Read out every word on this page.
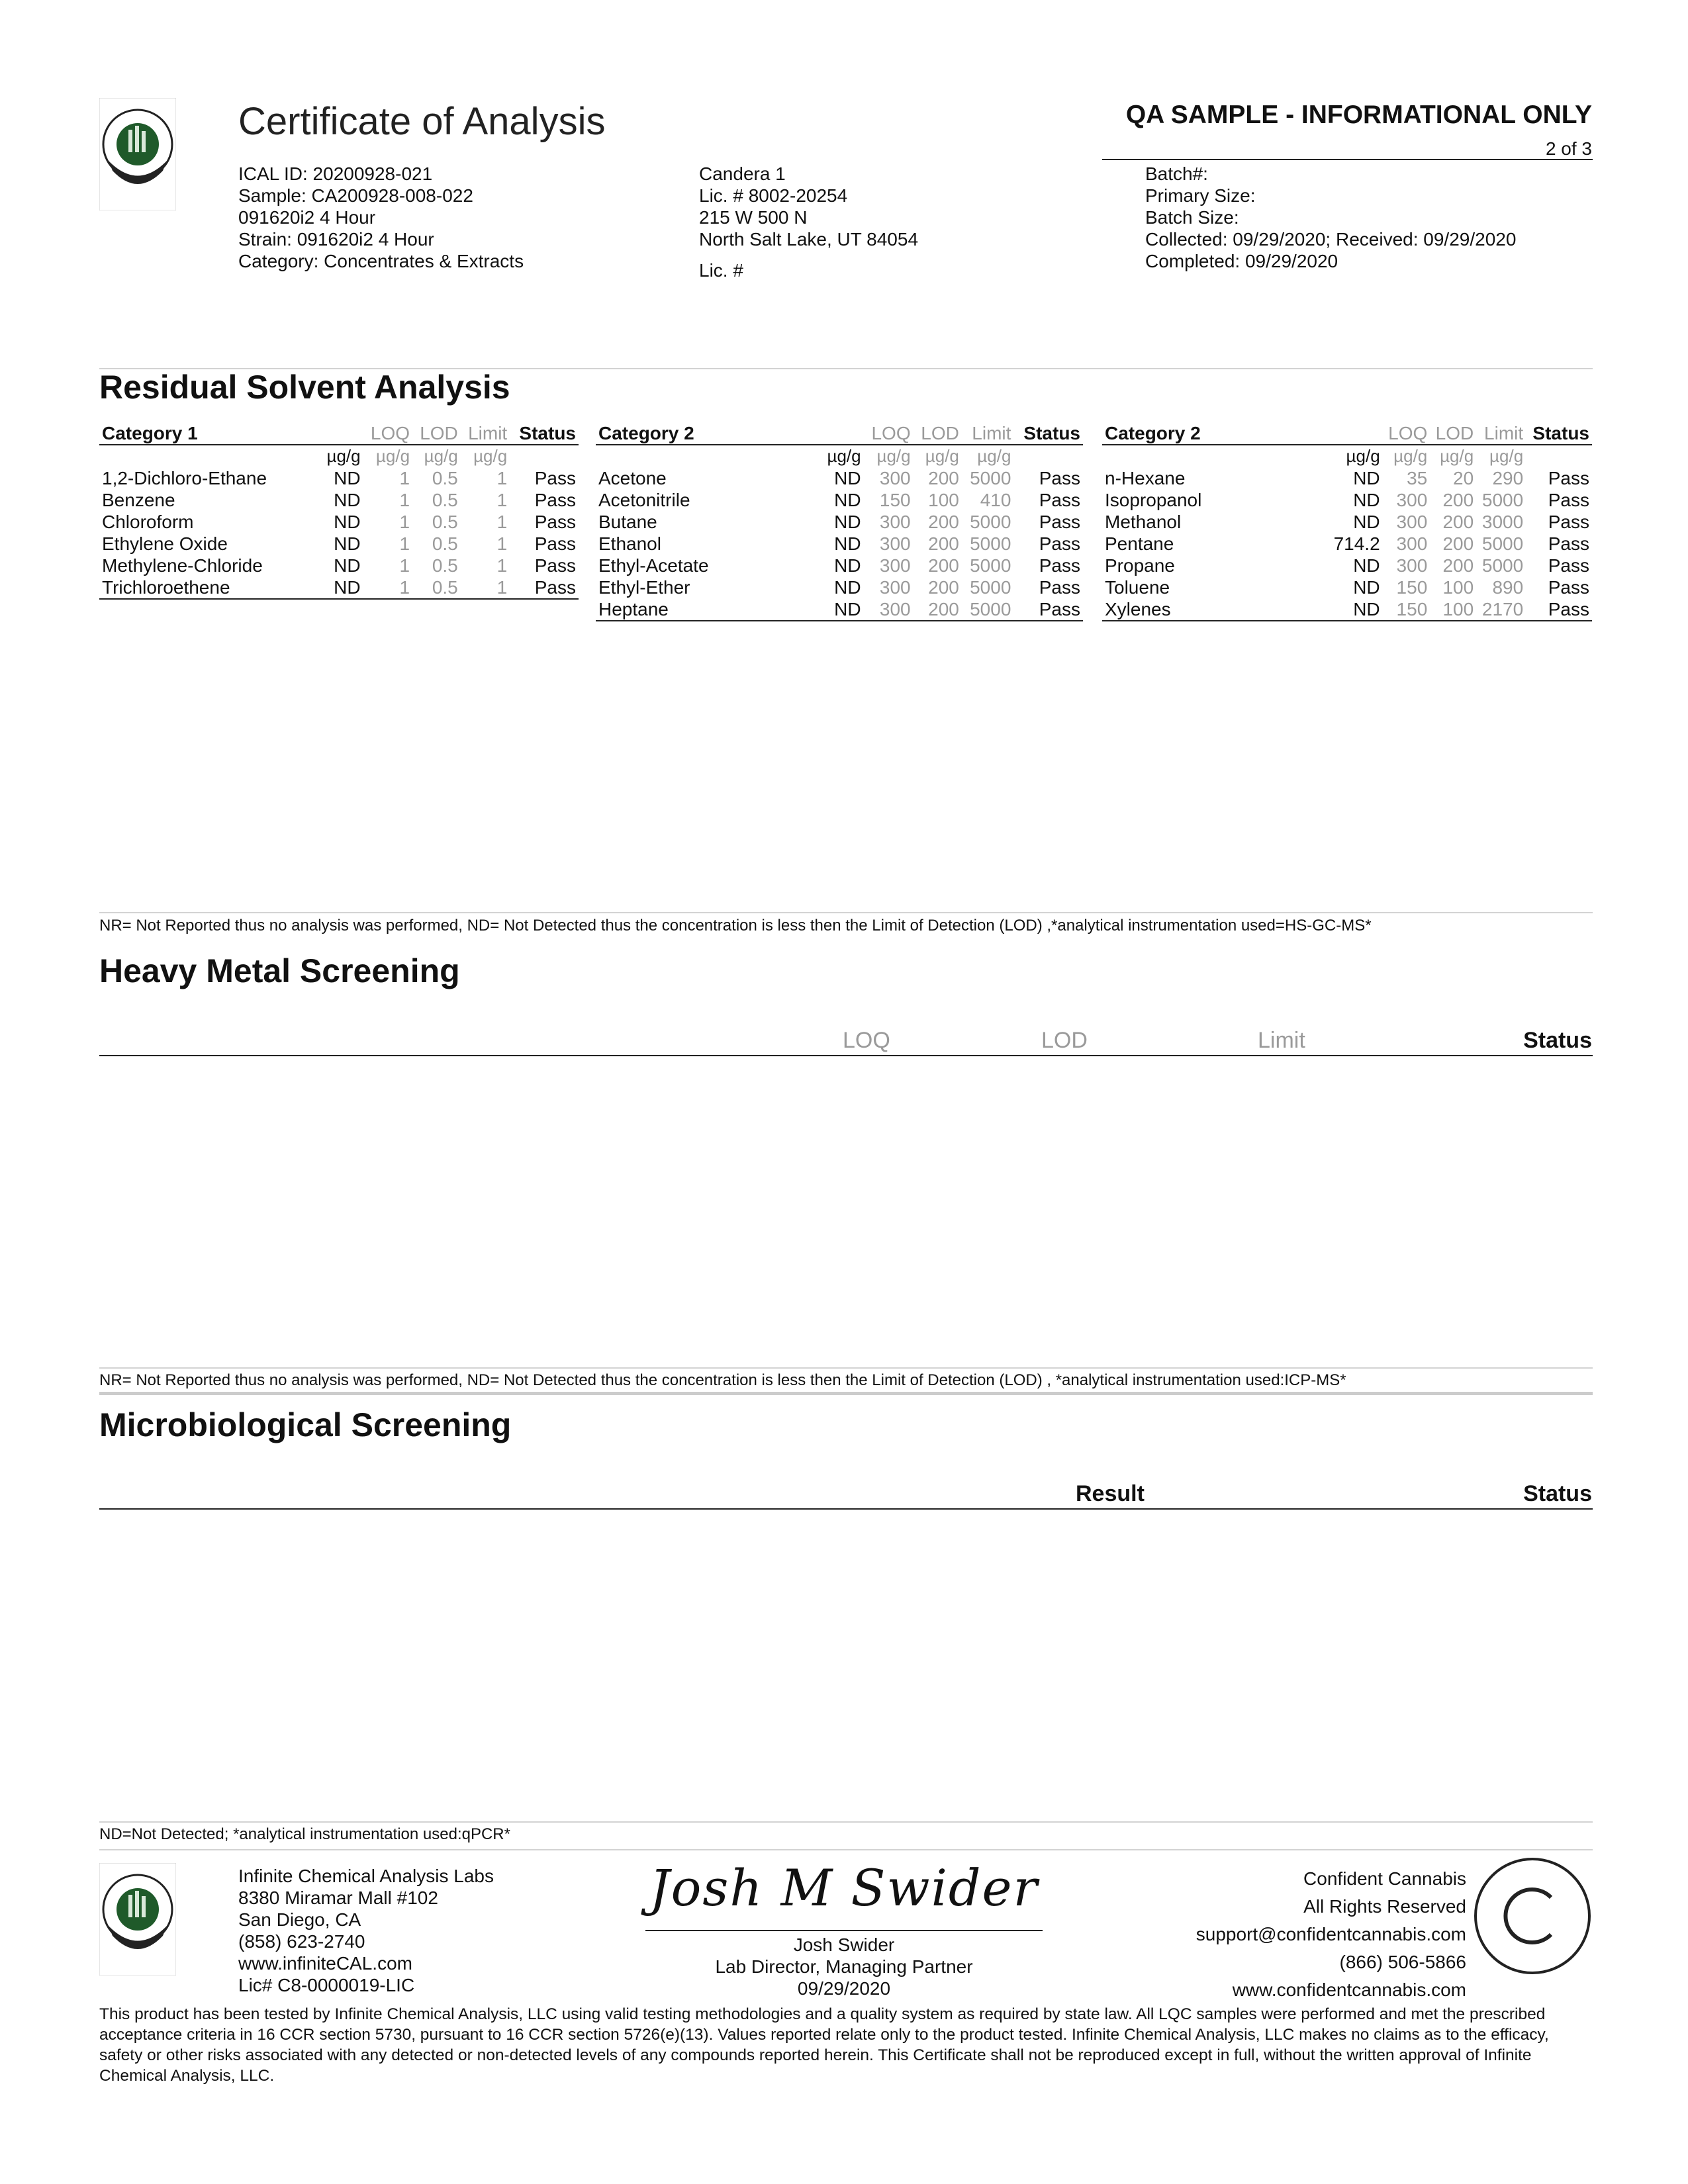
Certificate of Analysis	QA SAMPLE - INFORMATIONAL ONLY
2 of 3
ICAL ID: 20200928-021
Sample: CA200928-008-022
091620i2 4 Hour
Strain: 091620i2 4 Hour
Category: Concentrates & Extracts
Candera 1
Lic. # 8002-20254
215 W 500 N
North Salt Lake, UT 84054
Lic. #
Batch#:
Primary Size:
Batch Size:
Collected: 09/29/2020; Received: 09/29/2020
Completed: 09/29/2020
Residual Solvent Analysis
Category 1		LOQ	LOD	Limit	Status
	µg/g	µg/g	µg/g	µg/g	
1,2-Dichloro-Ethane	ND	1	0.5	1	Pass
Benzene	ND	1	0.5	1	Pass
Chloroform	ND	1	0.5	1	Pass
Ethylene Oxide	ND	1	0.5	1	Pass
Methylene-Chloride	ND	1	0.5	1	Pass
Trichloroethene	ND	1	0.5	1	Pass
Category 2		LOQ	LOD	Limit	Status
	µg/g	µg/g	µg/g	µg/g	
Acetone	ND	300	200	5000	Pass
Acetonitrile	ND	150	100	410	Pass
Butane	ND	300	200	5000	Pass
Ethanol	ND	300	200	5000	Pass
Ethyl-Acetate	ND	300	200	5000	Pass
Ethyl-Ether	ND	300	200	5000	Pass
Heptane	ND	300	200	5000	Pass
Category 2		LOQ	LOD	Limit	Status
	µg/g	µg/g	µg/g	µg/g	
n-Hexane	ND	35	20	290	Pass
Isopropanol	ND	300	200	5000	Pass
Methanol	ND	300	200	3000	Pass
Pentane	714.2	300	200	5000	Pass
Propane	ND	300	200	5000	Pass
Toluene	ND	150	100	890	Pass
Xylenes	ND	150	100	2170	Pass
NR= Not Reported thus no analysis was performed, ND= Not Detected thus the concentration is less then the Limit of Detection (LOD) ,*analytical instrumentation used=HS-GC-MS*
Heavy Metal Screening
LOQ	LOD	Limit	Status
NR= Not Reported thus no analysis was performed, ND= Not Detected thus the concentration is less then the Limit of Detection (LOD) , *analytical instrumentation used:ICP-MS*
Microbiological Screening
Result	Status
ND=Not Detected; *analytical instrumentation used:qPCR*
Infinite Chemical Analysis Labs
8380 Miramar Mall #102
San Diego, CA
(858) 623-2740
www.infiniteCAL.com
Lic# C8-0000019-LIC
Josh M Swider
Josh Swider
Lab Director, Managing Partner
09/29/2020
Confident Cannabis
All Rights Reserved
support@confidentcannabis.com
(866) 506-5866
www.confidentcannabis.com
This product has been tested by Infinite Chemical Analysis, LLC using valid testing methodologies and a quality system as required by state law. All LQC samples were performed and met the prescribed acceptance criteria in 16 CCR section 5730, pursuant to 16 CCR section 5726(e)(13). Values reported relate only to the product tested. Infinite Chemical Analysis, LLC makes no claims as to the efficacy, safety or other risks associated with any detected or non-detected levels of any compounds reported herein. This Certificate shall not be reproduced except in full, without the written approval of Infinite Chemical Analysis, LLC.
